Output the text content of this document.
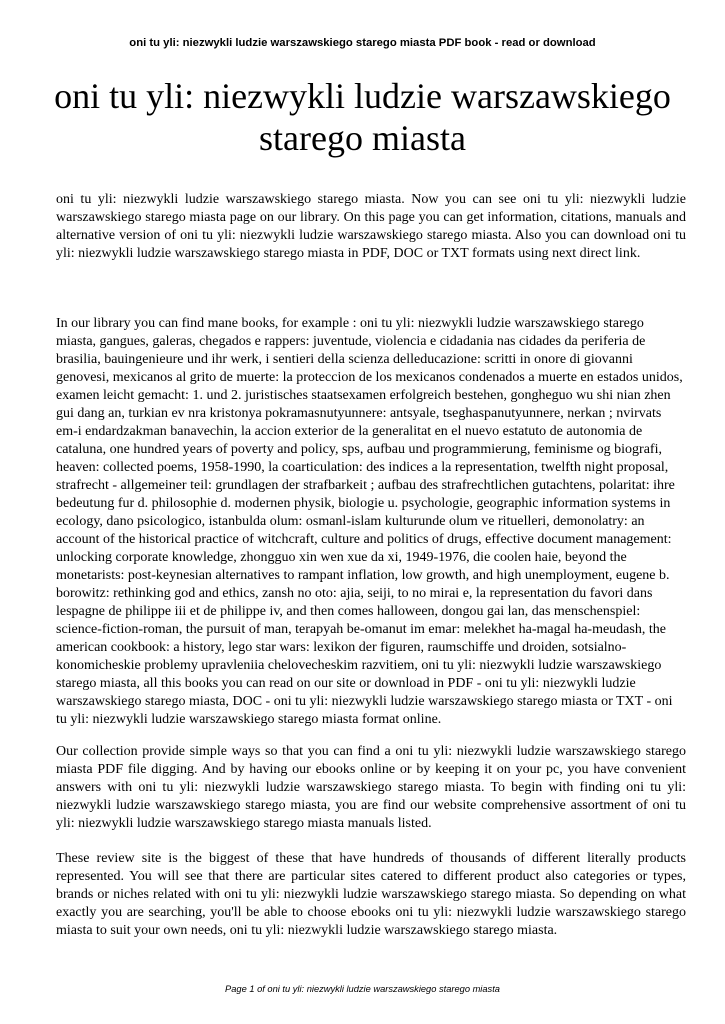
oni tu yli: niezwykli ludzie warszawskiego starego miasta PDF book - read or download
oni tu yli: niezwykli ludzie warszawskiego starego miasta

oni tu yli: niezwykli ludzie warszawskiego starego miasta. Now you can see oni tu yli: niezwykli ludzie warszawskiego starego miasta page on our library. On this page you can get information, citations, manuals and alternative version of oni tu yli: niezwykli ludzie warszawskiego starego miasta. Also you can download oni tu yli: niezwykli ludzie warszawskiego starego miasta in PDF, DOC or TXT formats using next direct link.

In our library you can find mane books, for example : oni tu yli: niezwykli ludzie warszawskiego starego miasta, gangues, galeras, chegados e rappers: juventude, violencia e cidadania nas cidades da periferia de brasilia, bauingenieure und ihr werk, i sentieri della scienza delleducazione: scritti in onore di giovanni genovesi, mexicanos al grito de muerte: la proteccion de los mexicanos condenados a muerte en estados unidos, examen leicht gemacht: 1. und 2. juristisches staatsexamen erfolgreich bestehen, gongheguo wu shi nian zhen gui dang an, turkian ev nra kristonya pokramasnutyunnere: antsyale, tseghaspanutyunnere, nerkan ; nvirvats em-i endardzakman banavechin, la accion exterior de la generalitat en el nuevo estatuto de autonomia de cataluna, one hundred years of poverty and policy, sps, aufbau und programmierung, feminisme og biografi, heaven: collected poems, 1958-1990, la coarticulation: des indices a la representation, twelfth night proposal, strafrecht - allgemeiner teil: grundlagen der strafbarkeit ; aufbau des strafrechtlichen gutachtens, polaritat: ihre bedeutung fur d. philosophie d. modernen physik, biologie u. psychologie, geographic information systems in ecology, dano psicologico, istanbulda olum: osmanl-islam kulturunde olum ve rituelleri, demonolatry: an account of the historical practice of witchcraft, culture and politics of drugs, effective document management: unlocking corporate knowledge, zhongguo xin wen xue da xi, 1949-1976, die coolen haie, beyond the monetarists: post-keynesian alternatives to rampant inflation, low growth, and high unemployment, eugene b. borowitz: rethinking god and ethics, zansh no oto: ajia, seiji, to no mirai e, la representation du favori dans lespagne de philippe iii et de philippe iv, and then comes halloween, dongou gai lan, das menschenspiel: science-fiction-roman, the pursuit of man, terapyah be-omanut im emar: melekhet ha-magal ha-meudash, the american cookbook: a history, lego star wars: lexikon der figuren, raumschiffe und droiden, sotsialno-konomicheskie problemy upravleniia chelovecheskim razvitiem, oni tu yli: niezwykli ludzie warszawskiego starego miasta, all this books you can read on our site or download in PDF - oni tu yli: niezwykli ludzie warszawskiego starego miasta, DOC - oni tu yli: niezwykli ludzie warszawskiego starego miasta or TXT - oni tu yli: niezwykli ludzie warszawskiego starego miasta format online.

Our collection provide simple ways so that you can find a oni tu yli: niezwykli ludzie warszawskiego starego miasta PDF file digging. And by having our ebooks online or by keeping it on your pc, you have convenient answers with oni tu yli: niezwykli ludzie warszawskiego starego miasta. To begin with finding oni tu yli: niezwykli ludzie warszawskiego starego miasta, you are find our website comprehensive assortment of oni tu yli: niezwykli ludzie warszawskiego starego miasta manuals listed.

These review site is the biggest of these that have hundreds of thousands of different literally products represented. You will see that there are particular sites catered to different product also categories or types, brands or niches related with oni tu yli: niezwykli ludzie warszawskiego starego miasta. So depending on what exactly you are searching, you'll be able to choose ebooks oni tu yli: niezwykli ludzie warszawskiego starego miasta to suit your own needs, oni tu yli: niezwykli ludzie warszawskiego starego miasta.

Page 1 of oni tu yli: niezwykli ludzie warszawskiego starego miasta
